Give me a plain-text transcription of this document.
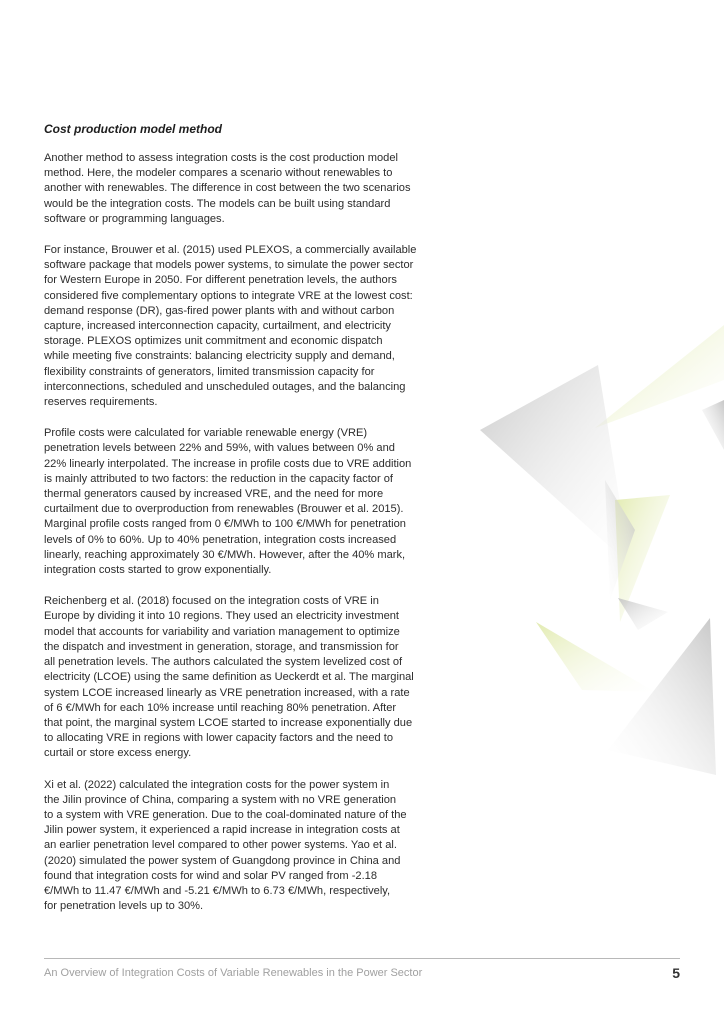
Cost production model method

Another method to assess integration costs is the cost production model
method. Here, the modeler compares a scenario without renewables to
another with renewables. The difference in cost between the two scenarios
would be the integration costs. The models can be built using standard
software or programming languages.

For instance, Brouwer et al. (2015) used PLEXOS, a commercially available
software package that models power systems, to simulate the power sector
for Western Europe in 2050. For different penetration levels, the authors
considered five complementary options to integrate VRE at the lowest cost:
demand response (DR), gas-fired power plants with and without carbon
capture, increased interconnection capacity, curtailment, and electricity
storage. PLEXOS optimizes unit commitment and economic dispatch
while meeting five constraints: balancing electricity supply and demand,
flexibility constraints of generators, limited transmission capacity for
interconnections, scheduled and unscheduled outages, and the balancing
reserves requirements.

Profile costs were calculated for variable renewable energy (VRE)
penetration levels between 22% and 59%, with values between 0% and
22% linearly interpolated. The increase in profile costs due to VRE addition
is mainly attributed to two factors: the reduction in the capacity factor of
thermal generators caused by increased VRE, and the need for more
curtailment due to overproduction from renewables (Brouwer et al. 2015).
Marginal profile costs ranged from 0 €/MWh to 100 €/MWh for penetration
levels of 0% to 60%. Up to 40% penetration, integration costs increased
linearly, reaching approximately 30 €/MWh. However, after the 40% mark,
integration costs started to grow exponentially.

Reichenberg et al. (2018) focused on the integration costs of VRE in
Europe by dividing it into 10 regions. They used an electricity investment
model that accounts for variability and variation management to optimize
the dispatch and investment in generation, storage, and transmission for
all penetration levels. The authors calculated the system levelized cost of
electricity (LCOE) using the same definition as Ueckerdt et al. The marginal
system LCOE increased linearly as VRE penetration increased, with a rate
of 6 €/MWh for each 10% increase until reaching 80% penetration. After
that point, the marginal system LCOE started to increase exponentially due
to allocating VRE in regions with lower capacity factors and the need to
curtail or store excess energy.

Xi et al. (2022) calculated the integration costs for the power system in
the Jilin province of China, comparing a system with no VRE generation
to a system with VRE generation. Due to the coal-dominated nature of the
Jilin power system, it experienced a rapid increase in integration costs at
an earlier penetration level compared to other power systems. Yao et al.
(2020) simulated the power system of Guangdong province in China and
found that integration costs for wind and solar PV ranged from -2.18
€/MWh to 11.47 €/MWh and -5.21 €/MWh to 6.73 €/MWh, respectively,
for penetration levels up to 30%.

An Overview of Integration Costs of Variable Renewables in the Power Sector	5
